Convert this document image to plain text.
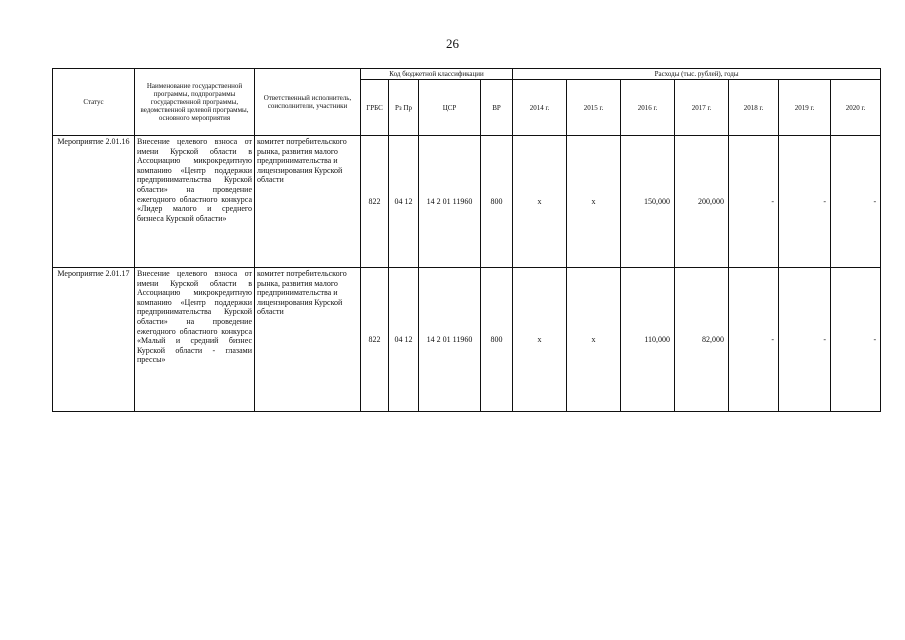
26
Статус	Наименование государственной программы, подпрограммы государственной программы, ведомственной целевой программы, основного мероприятия	Ответственный исполнитель, соисполнители, участники	Код бюджетной классификации				Расходы (тыс. рублей), годы						
			ГРБС	Рз Пр	ЦСР	ВР	2014 г.	2015 г.	2016 г.	2017 г.	2018 г.	2019 г.	2020 г.
Мероприятие 2.01.16	Внесение целевого взноса от имени Курской области в Ассоциацию микрокредитную компанию «Центр поддержки предпринимательства Курской области» на проведение ежегодного областного конкурса «Лидер малого и среднего бизнеса Курской области»	комитет потребительского рынка, развития малого предпринимательства и лицензирования Курской области	822	04 12	14 2 01 11960	800	х	х	150,000	200,000	-	-	-
Мероприятие 2.01.17	Внесение целевого взноса от имени Курской области в Ассоциацию микрокредитную компанию «Центр поддержки предпринимательства Курской области» на проведение ежегодного областного конкурса «Малый и средний бизнес Курской области - глазами прессы»	комитет потребительского рынка, развития малого предпринимательства и лицензирования Курской области	822	04 12	14 2 01 11960	800	х	х	110,000	82,000	-	-	-
